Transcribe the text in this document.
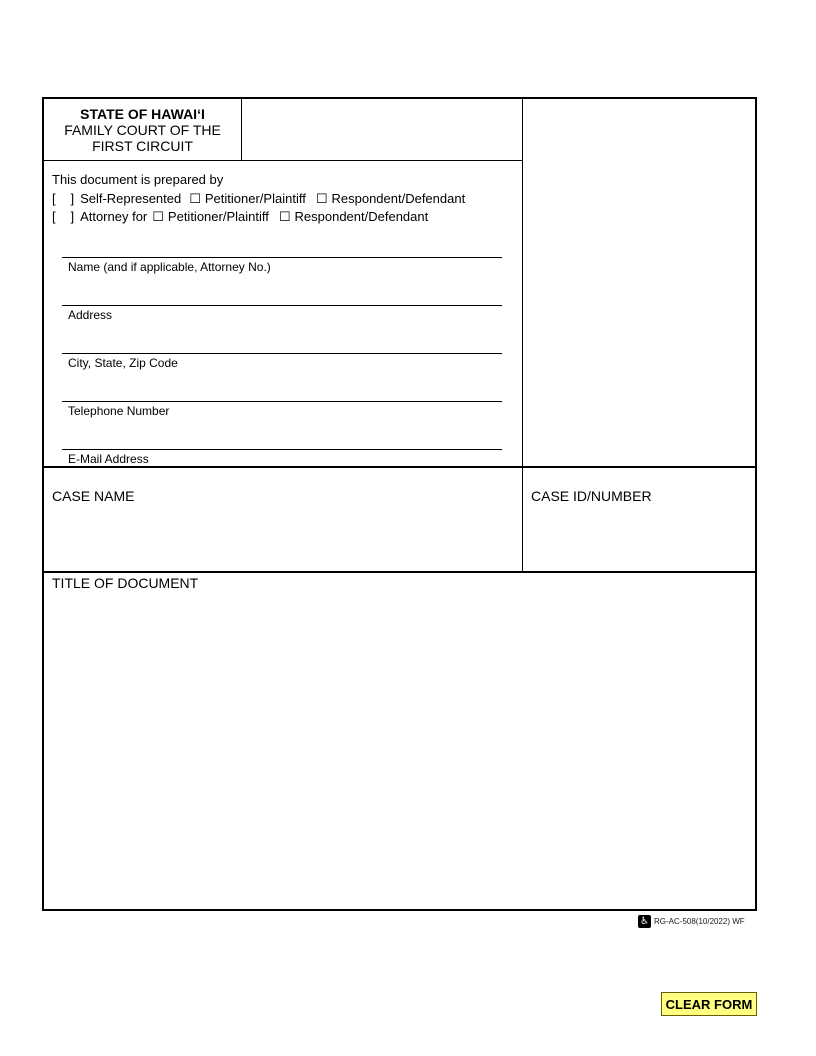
STATE OF HAWAIʻI
FAMILY COURT OF THE
FIRST CIRCUIT
This document is prepared by
[   ] Self-Represented ☐ Petitioner/Plaintiff ☐ Respondent/Defendant
[   ] Attorney for ☐ Petitioner/Plaintiff ☐ Respondent/Defendant
Name (and if applicable, Attorney No.)
Address
City, State, Zip Code
Telephone Number
E-Mail Address
CASE NAME	CASE ID/NUMBER
TITLE OF DOCUMENT
♿ RG-AC-508(10/2022) WF
CLEAR FORM
